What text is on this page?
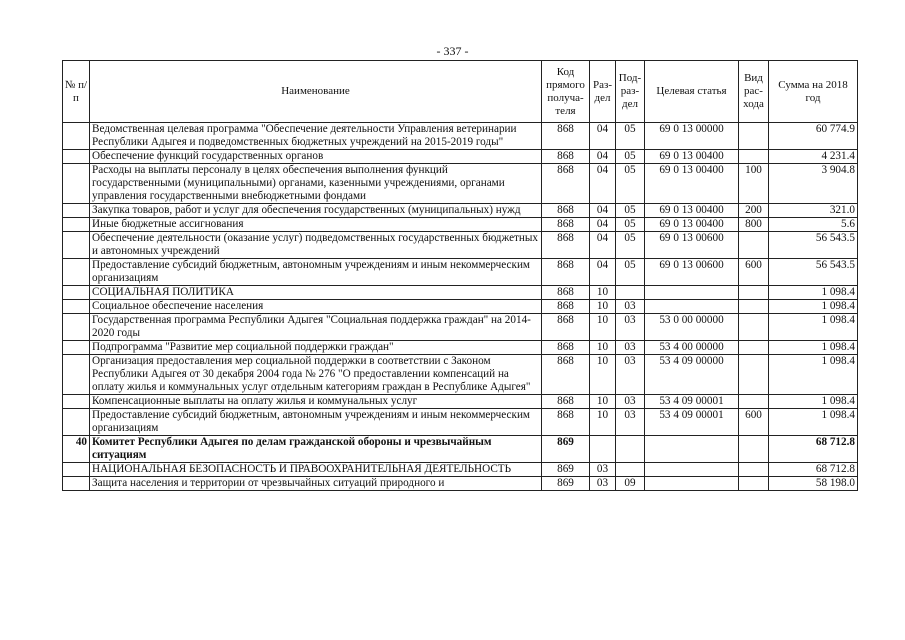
- 337 -
№ п/п	Наименование	Код прямого получа-теля	Раз-дел	Под-раз-дел	Целевая статья	Вид рас-хода	Сумма на 2018 год
	Ведомственная целевая программа "Обеспечение деятельности Управления ветеринарии Республики Адыгея и подведомственных бюджетных учреждений на 2015-2019 годы"	868	04	05	69 0 13 00000		60 774.9
	Обеспечение функций государственных органов	868	04	05	69 0 13 00400		4 231.4
	Расходы на выплаты персоналу в целях обеспечения выполнения функций государственными (муниципальными) органами, казенными учреждениями, органами управления государственными внебюджетными фондами	868	04	05	69 0 13 00400	100	3 904.8
	Закупка товаров, работ и услуг для обеспечения государственных (муниципальных) нужд	868	04	05	69 0 13 00400	200	321.0
	Иные бюджетные ассигнования	868	04	05	69 0 13 00400	800	5.6
	Обеспечение деятельности (оказание услуг) подведомственных государственных бюджетных и автономных учреждений	868	04	05	69 0 13 00600		56 543.5
	Предоставление субсидий бюджетным, автономным учреждениям и иным некоммерческим организациям	868	04	05	69 0 13 00600	600	56 543.5
	СОЦИАЛЬНАЯ ПОЛИТИКА	868	10				1 098.4
	Социальное обеспечение населения	868	10	03			1 098.4
	Государственная программа Республики Адыгея "Социальная поддержка граждан" на 2014-2020 годы	868	10	03	53 0 00 00000		1 098.4
	Подпрограмма "Развитие мер социальной поддержки граждан"	868	10	03	53 4 00 00000		1 098.4
	Организация предоставления мер социальной поддержки в соответствии с Законом Республики Адыгея от 30 декабря 2004 года № 276 "О предоставлении компенсаций на оплату жилья и коммунальных услуг отдельным категориям граждан в Республике Адыгея"	868	10	03	53 4 09 00000		1 098.4
	Компенсационные выплаты на оплату жилья и коммунальных услуг	868	10	03	53 4 09 00001		1 098.4
	Предоставление субсидий бюджетным, автономным учреждениям и иным некоммерческим организациям	868	10	03	53 4 09 00001	600	1 098.4
40	Комитет Республики Адыгея по делам гражданской обороны и чрезвычайным ситуациям	869					68 712.8
	НАЦИОНАЛЬНАЯ БЕЗОПАСНОСТЬ И ПРАВООХРАНИТЕЛЬНАЯ ДЕЯТЕЛЬНОСТЬ	869	03				68 712.8
	Защита населения и территории от чрезвычайных ситуаций природного и	869	03	09			58 198.0
